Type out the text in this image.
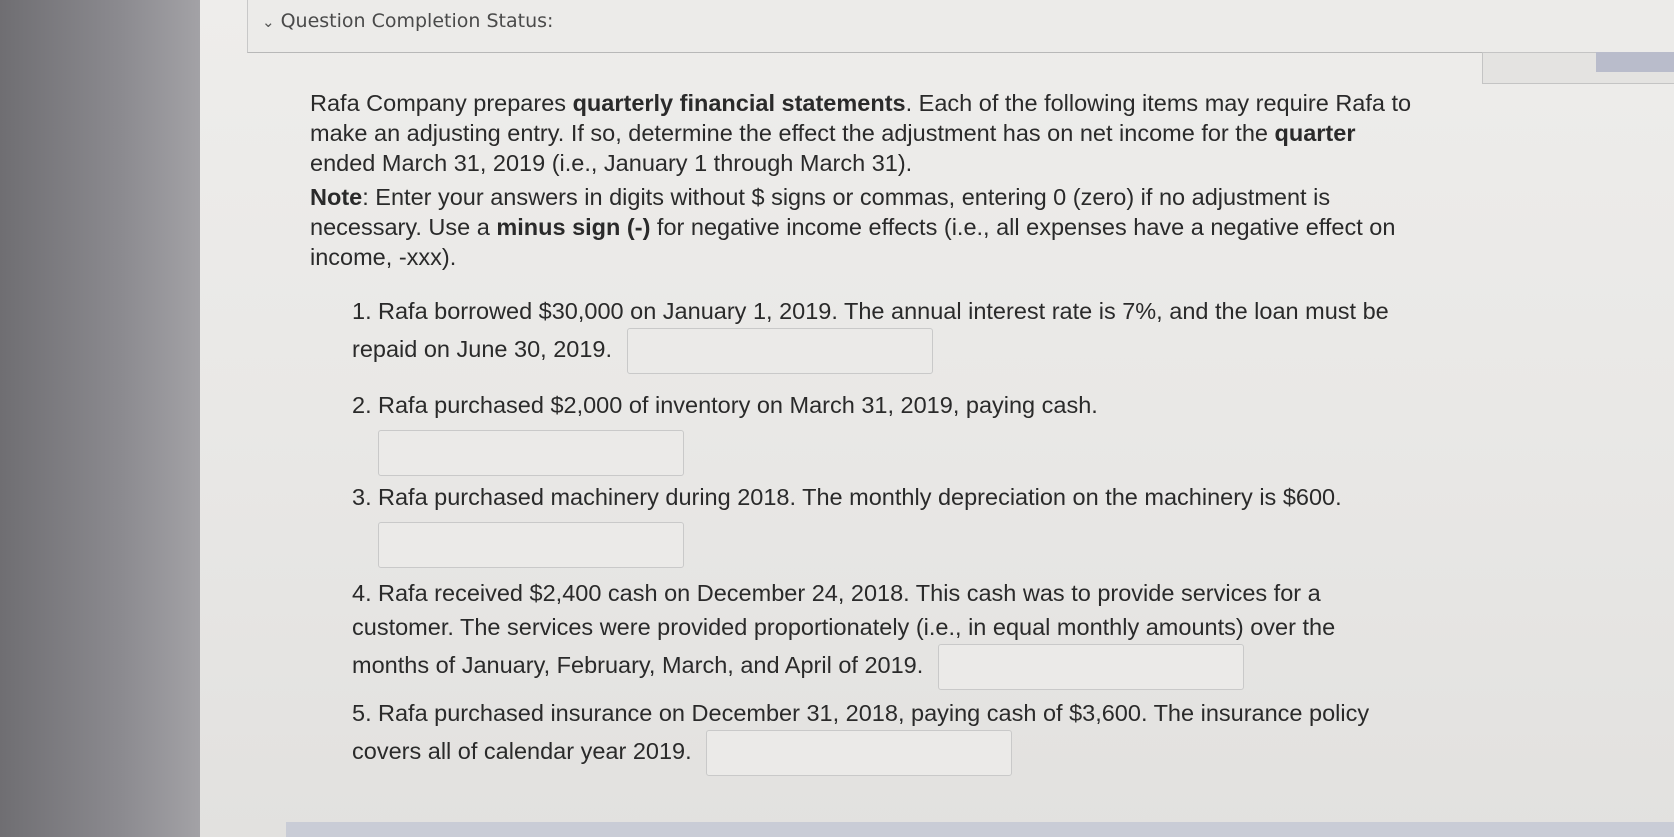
⌄ Question Completion Status:

Rafa Company prepares quarterly financial statements. Each of the following items may require Rafa to make an adjusting entry. If so, determine the effect the adjustment has on net income for the quarter ended March 31, 2019 (i.e., January 1 through March 31).

Note: Enter your answers in digits without $ signs or commas, entering 0 (zero) if no adjustment is necessary. Use a minus sign (-) for negative income effects (i.e., all expenses have a negative effect on income, -xxx).

1. Rafa borrowed $30,000 on January 1, 2019. The annual interest rate is 7%, and the loan must be repaid on June 30, 2019.
2. Rafa purchased $2,000 of inventory on March 31, 2019, paying cash.
3. Rafa purchased machinery during 2018. The monthly depreciation on the machinery is $600.
4. Rafa received $2,400 cash on December 24, 2018. This cash was to provide services for a customer. The services were provided proportionately (i.e., in equal monthly amounts) over the months of January, February, March, and April of 2019.
5. Rafa purchased insurance on December 31, 2018, paying cash of $3,600. The insurance policy covers all of calendar year 2019.
